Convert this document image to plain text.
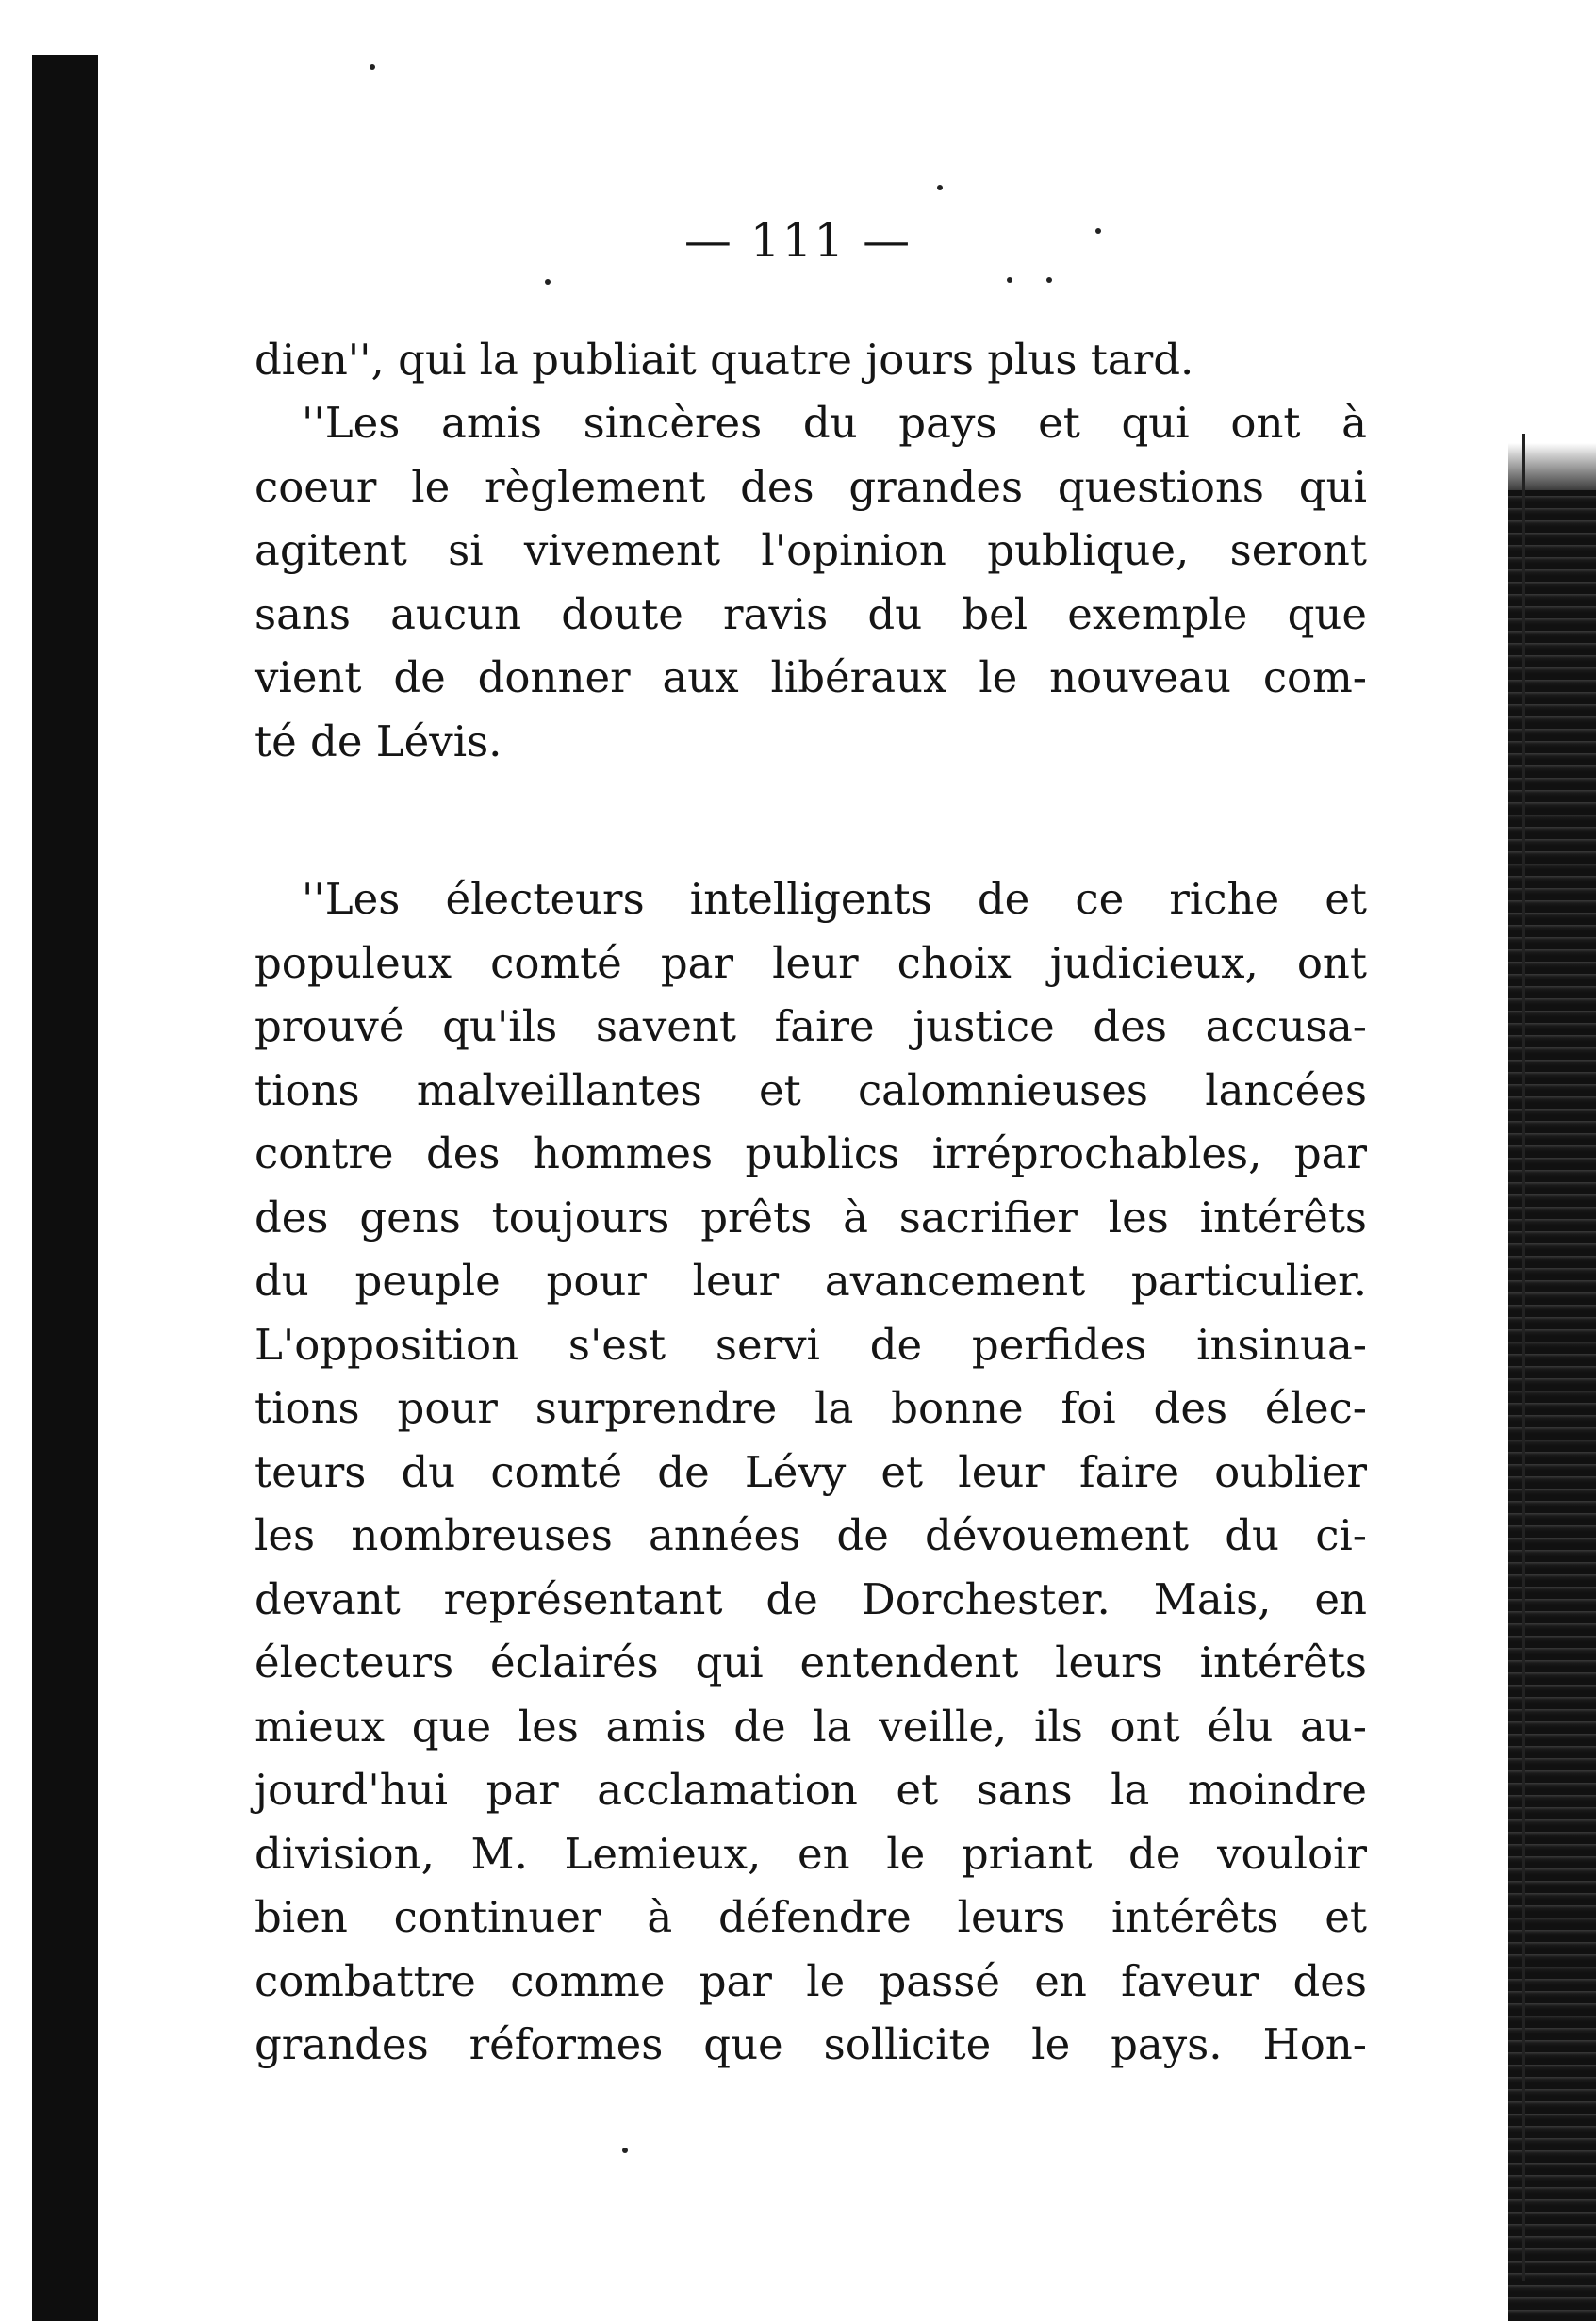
— 111 —
dien'', qui la publiait quatre jours plus tard.
''Les amis sincères du pays et qui ont à
coeur le règlement des grandes questions qui
agitent si vivement l'opinion publique, seront
sans aucun doute ravis du bel exemple que
vient de donner aux libéraux le nouveau com-
té de Lévis.
''Les électeurs intelligents de ce riche et
populeux comté par leur choix judicieux, ont
prouvé qu'ils savent faire justice des accusa-
tions malveillantes et calomnieuses lancées
contre des hommes publics irréprochables, par
des gens toujours prêts à sacrifier les intérêts
du peuple pour leur avancement particulier.
L'opposition s'est servi de perfides insinua-
tions pour surprendre la bonne foi des élec-
teurs du comté de Lévy et leur faire oublier
les nombreuses années de dévouement du ci-
devant représentant de Dorchester. Mais, en
électeurs éclairés qui entendent leurs intérêts
mieux que les amis de la veille, ils ont élu au-
jourd'hui par acclamation et sans la moindre
division, M. Lemieux, en le priant de vouloir
bien continuer à défendre leurs intérêts et
combattre comme par le passé en faveur des
grandes réformes que sollicite le pays. Hon-
